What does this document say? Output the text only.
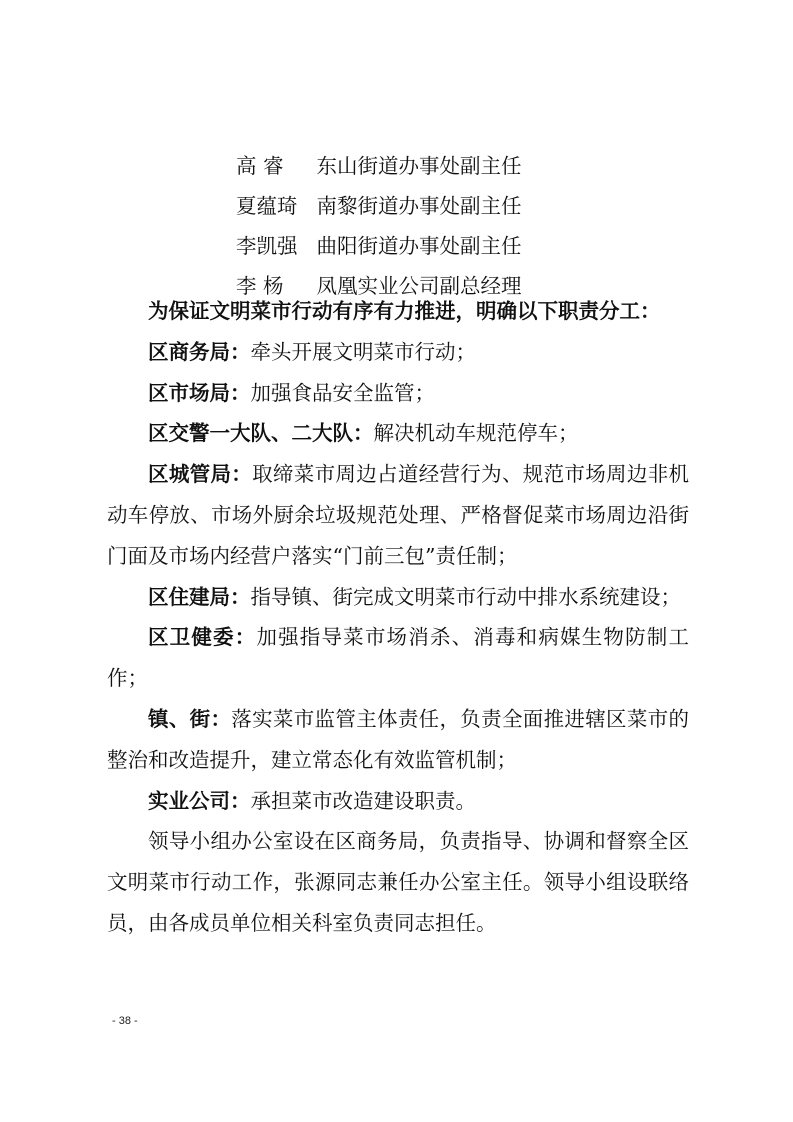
高 睿 东山街道办事处副主任
夏蕴琦 南黎街道办事处副主任
李凯强 曲阳街道办事处副主任
李 杨 凤凰实业公司副总经理

为保证文明菜市行动有序有力推进，明确以下职责分工：

区商务局：牵头开展文明菜市行动；

区市场局：加强食品安全监管；

区交警一大队、二大队：解决机动车规范停车；

区城管局：取缔菜市周边占道经营行为、规范市场周边非机动车停放、市场外厨余垃圾规范处理、严格督促菜市场周边沿街门面及市场内经营户落实“门前三包”责任制；

区住建局：指导镇、街完成文明菜市行动中排水系统建设；

区卫健委：加强指导菜市场消杀、消毒和病媒生物防制工作；

镇、街：落实菜市监管主体责任，负责全面推进辖区菜市的整治和改造提升，建立常态化有效监管机制；

实业公司：承担菜市改造建设职责。

领导小组办公室设在区商务局，负责指导、协调和督察全区文明菜市行动工作，张源同志兼任办公室主任。领导小组设联络员，由各成员单位相关科室负责同志担任。

- 38 -
